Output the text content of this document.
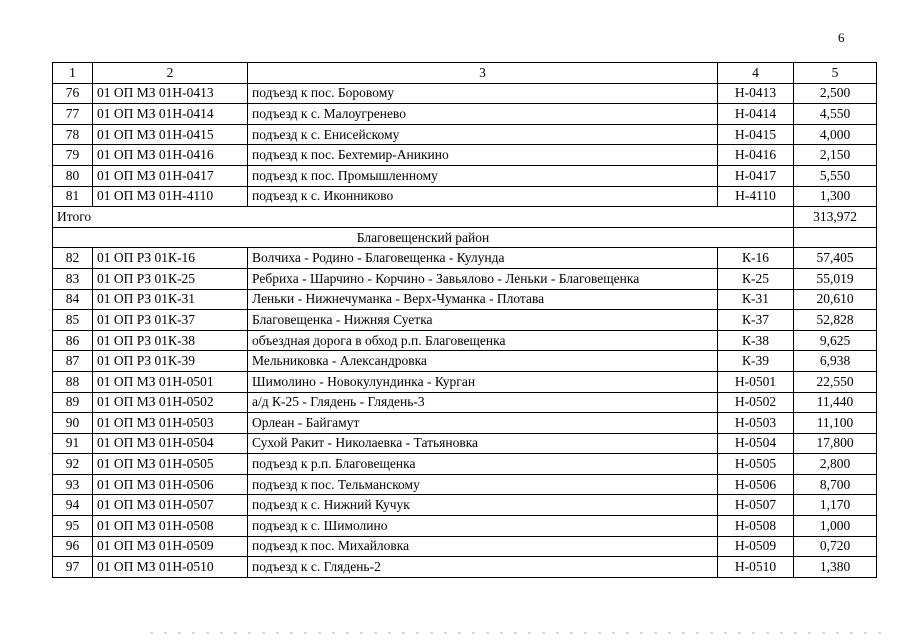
6
1	2	3	4	5
76	01 ОП МЗ 01Н-0413	подъезд к пос. Боровому	Н-0413	2,500
77	01 ОП МЗ 01Н-0414	подъезд к с. Малоугренево	Н-0414	4,550
78	01 ОП МЗ 01Н-0415	подъезд к с. Енисейскому	Н-0415	4,000
79	01 ОП МЗ 01Н-0416	подъезд к пос. Бехтемир-Аникино	Н-0416	2,150
80	01 ОП МЗ 01Н-0417	подъезд к пос. Промышленному	Н-0417	5,550
81	01 ОП МЗ 01Н-4110	подъезд к с. Иконниково	Н-4110	1,300
Итого				313,972
Благовещенский район				
82	01 ОП РЗ 01К-16	Волчиха - Родино - Благовещенка - Кулунда	К-16	57,405
83	01 ОП РЗ 01К-25	Ребриха - Шарчино - Корчино - Завьялово - Леньки - Благовещенка	К-25	55,019
84	01 ОП РЗ 01К-31	Леньки - Нижнечуманка - Верх-Чуманка - Плотава	К-31	20,610
85	01 ОП РЗ 01К-37	Благовещенка - Нижняя Суетка	К-37	52,828
86	01 ОП РЗ 01К-38	объездная дорога в обход р.п. Благовещенка	К-38	9,625
87	01 ОП РЗ 01К-39	Мельниковка - Александровка	К-39	6,938
88	01 ОП МЗ 01Н-0501	Шимолино - Новокулундинка - Курган	Н-0501	22,550
89	01 ОП МЗ 01Н-0502	а/д К-25 - Глядень - Глядень-3	Н-0502	11,440
90	01 ОП МЗ 01Н-0503	Орлеан - Байгамут	Н-0503	11,100
91	01 ОП МЗ 01Н-0504	Сухой Ракит - Николаевка - Татьяновка	Н-0504	17,800
92	01 ОП МЗ 01Н-0505	подъезд к р.п. Благовещенка	Н-0505	2,800
93	01 ОП МЗ 01Н-0506	подъезд к пос. Тельманскому	Н-0506	8,700
94	01 ОП МЗ 01Н-0507	подъезд к с. Нижний Кучук	Н-0507	1,170
95	01 ОП МЗ 01Н-0508	подъезд к с. Шимолино	Н-0508	1,000
96	01 ОП МЗ 01Н-0509	подъезд к пос. Михайловка	Н-0509	0,720
97	01 ОП МЗ 01Н-0510	подъезд к с. Глядень-2	Н-0510	1,380
